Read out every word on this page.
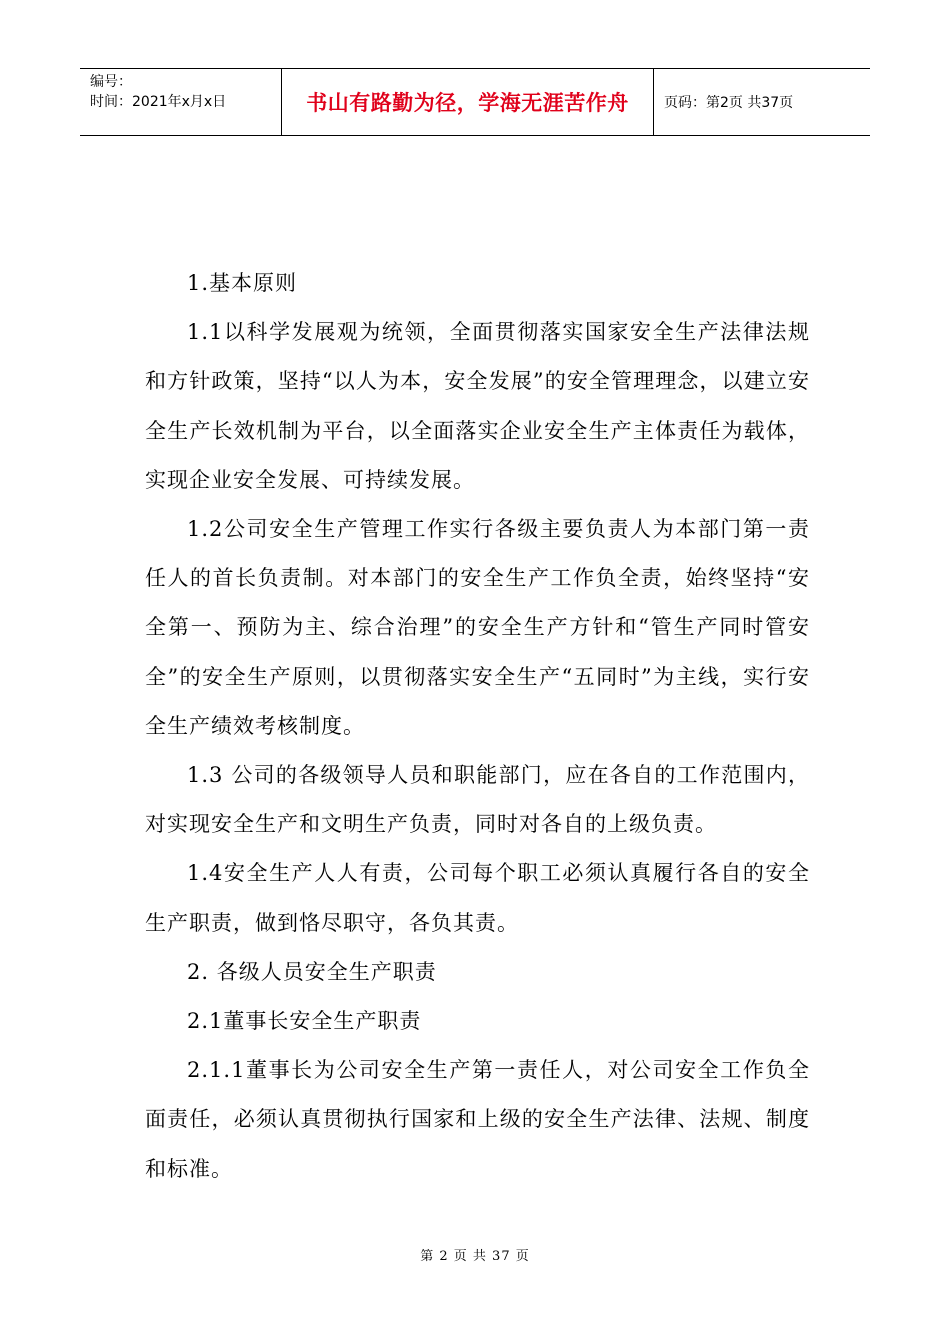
编号：
时间：2021年x月x日	书山有路勤为径，学海无涯苦作舟	页码：第2页 共37页

1.基本原则

1.1以科学发展观为统领，全面贯彻落实国家安全生产法律法规和方针政策，坚持“以人为本，安全发展”的安全管理理念，以建立安全生产长效机制为平台，以全面落实企业安全生产主体责任为载体，实现企业安全发展、可持续发展。

1.2公司安全生产管理工作实行各级主要负责人为本部门第一责任人的首长负责制。对本部门的安全生产工作负全责，始终坚持“安全第一、预防为主、综合治理”的安全生产方针和“管生产同时管安全”的安全生产原则，以贯彻落实安全生产“五同时”为主线，实行安全生产绩效考核制度。

1.3 公司的各级领导人员和职能部门，应在各自的工作范围内，对实现安全生产和文明生产负责，同时对各自的上级负责。

1.4安全生产人人有责，公司每个职工必须认真履行各自的安全生产职责，做到恪尽职守，各负其责。

2. 各级人员安全生产职责

2.1董事长安全生产职责

2.1.1董事长为公司安全生产第一责任人，对公司安全工作负全面责任，必须认真贯彻执行国家和上级的安全生产法律、法规、制度和标准。

第 2 页 共 37 页
